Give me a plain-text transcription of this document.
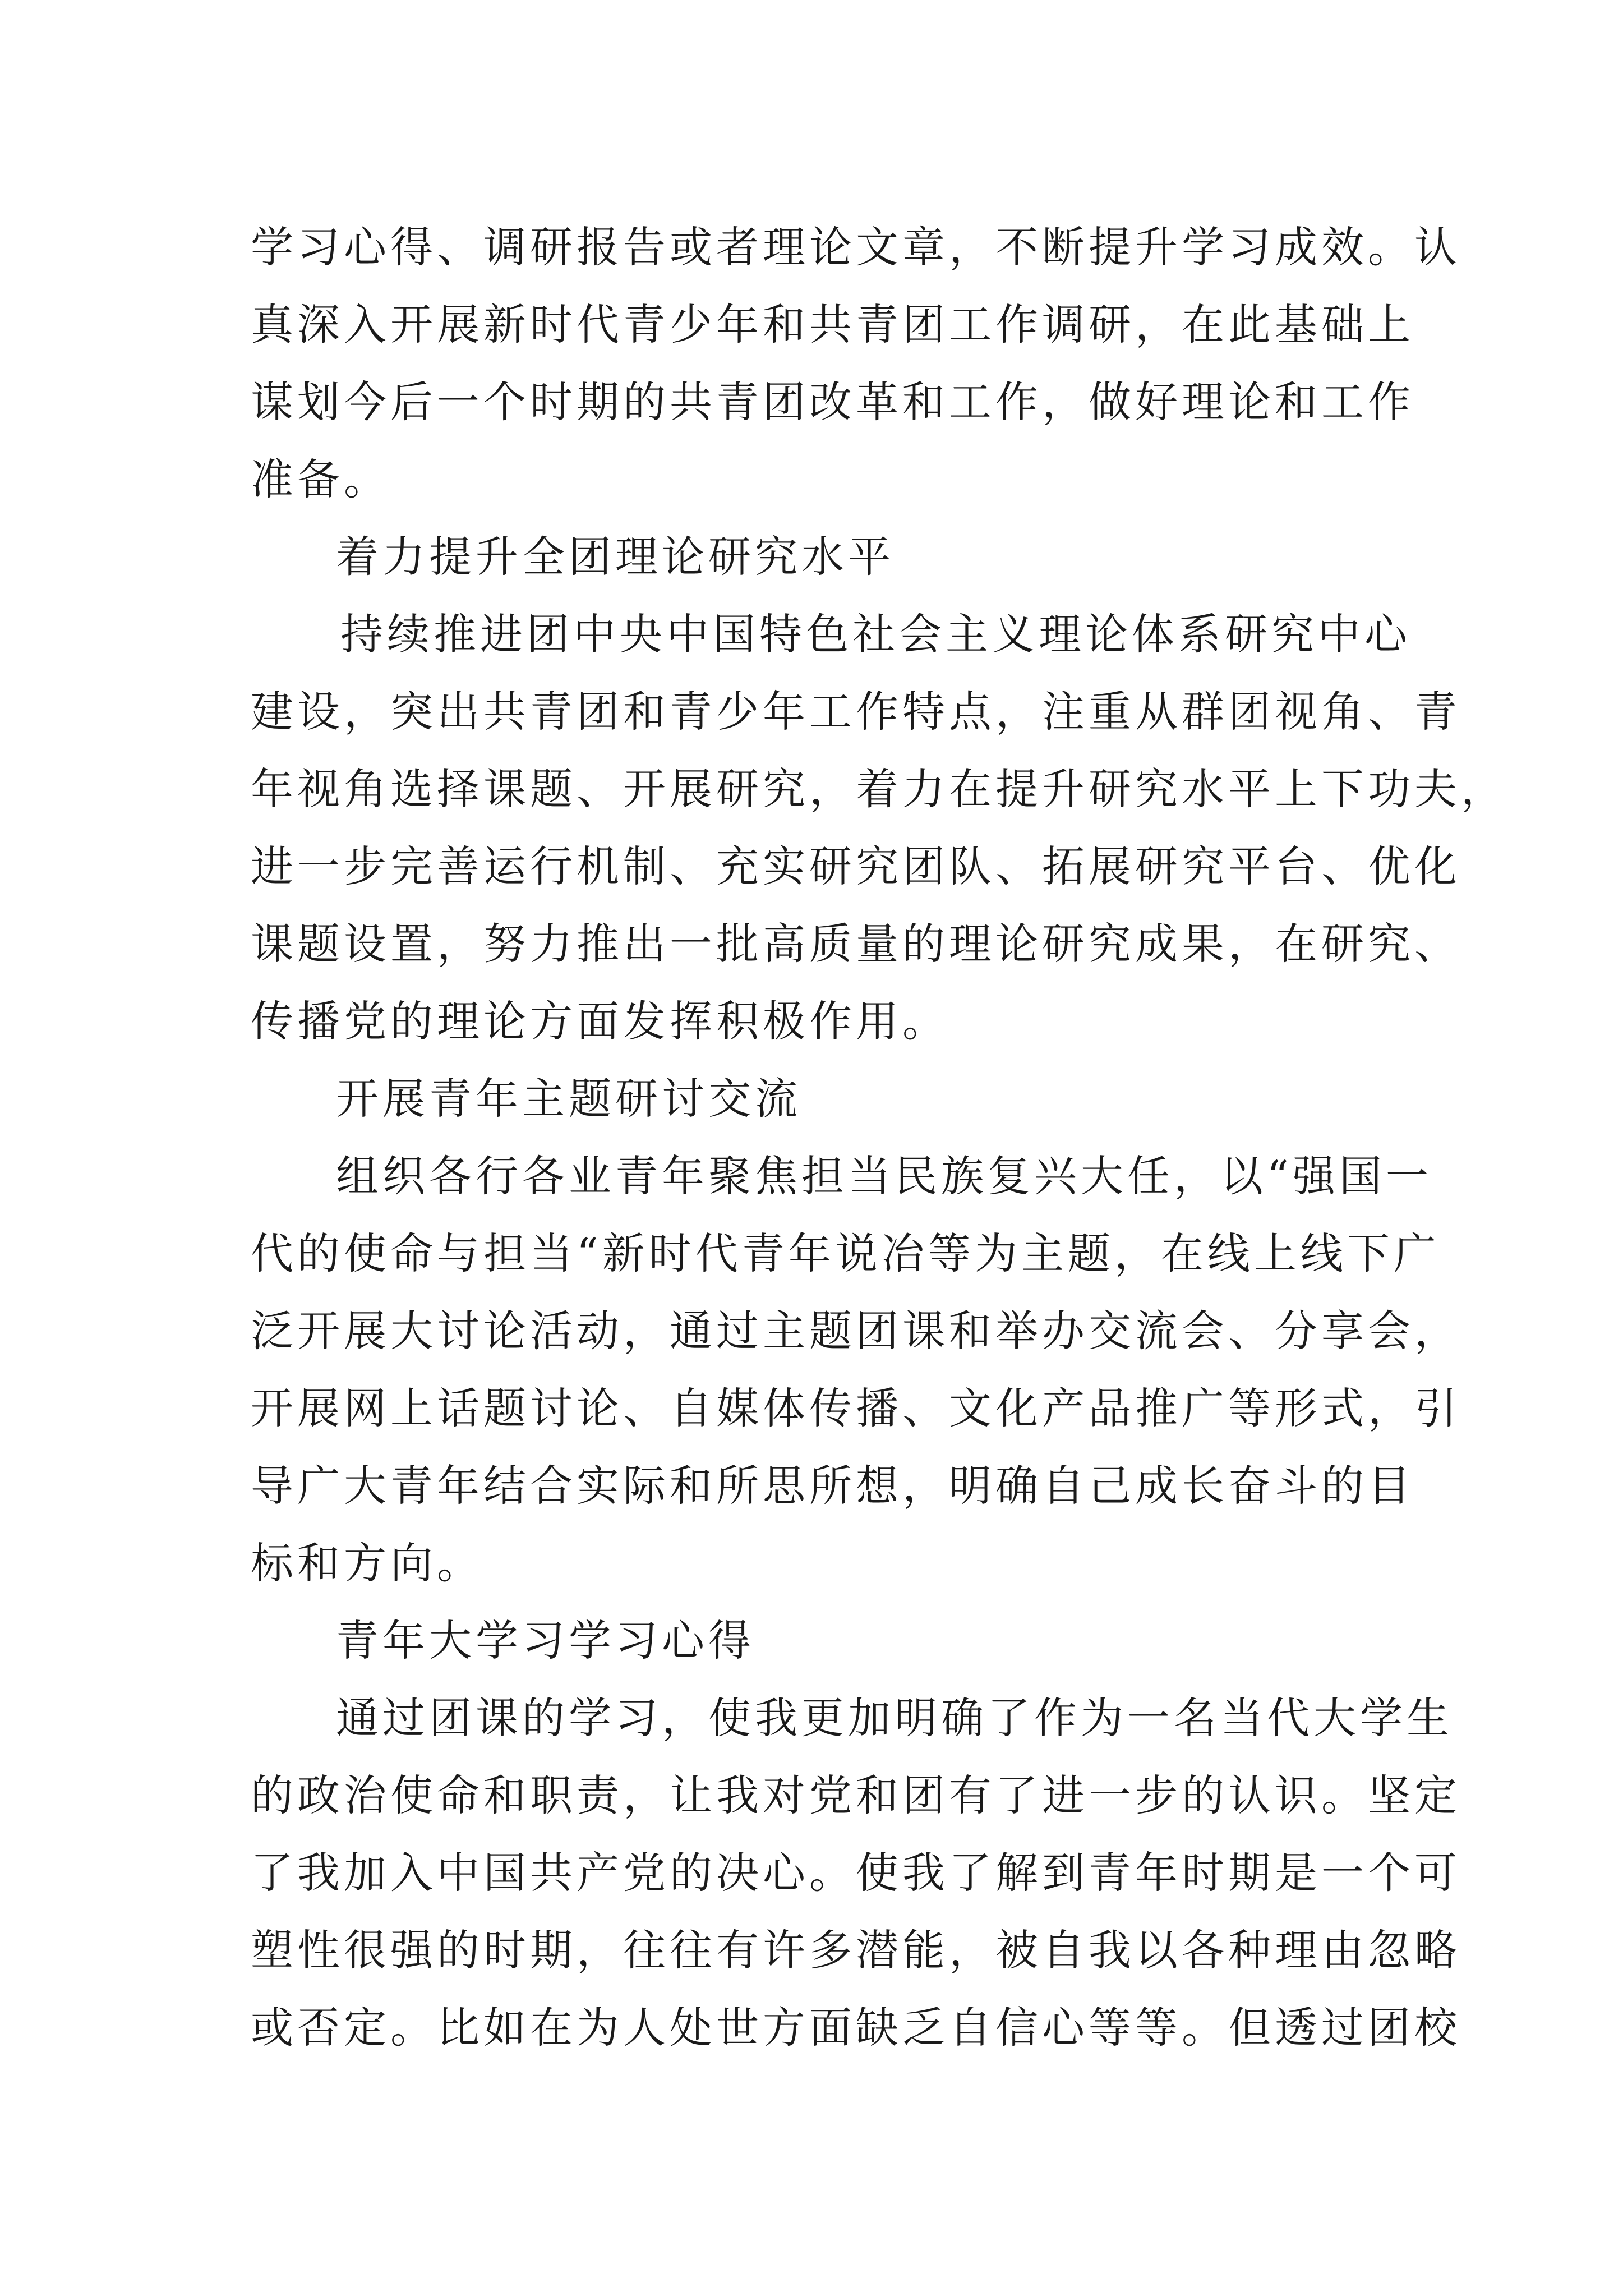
学习心得、调研报告或者理论文章，不断提升学习成效。认
真深入开展新时代青少年和共青团工作调研，在此基础上
谋划今后一个时期的共青团改革和工作，做好理论和工作
准备。
着力提升全团理论研究水平
持续推进团中央中国特色社会主义理论体系研究中心
建设，突出共青团和青少年工作特点，注重从群团视角、青
年视角选择课题、开展研究，着力在提升研究水平上下功夫，
进一步完善运行机制、充实研究团队、拓展研究平台、优化
课题设置，努力推出一批高质量的理论研究成果，在研究、
传播党的理论方面发挥积极作用。
开展青年主题研讨交流
组织各行各业青年聚焦担当民族复兴大任，以“强国一
代的使命与担当“新时代青年说冶等为主题，在线上线下广
泛开展大讨论活动，通过主题团课和举办交流会、分享会，
开展网上话题讨论、自媒体传播、文化产品推广等形式，引
导广大青年结合实际和所思所想，明确自己成长奋斗的目
标和方向。
青年大学习学习心得
通过团课的学习，使我更加明确了作为一名当代大学生
的政治使命和职责，让我对党和团有了进一步的认识。坚定
了我加入中国共产党的决心。使我了解到青年时期是一个可
塑性很强的时期，往往有许多潜能，被自我以各种理由忽略
或否定。比如在为人处世方面缺乏自信心等等。但透过团校
